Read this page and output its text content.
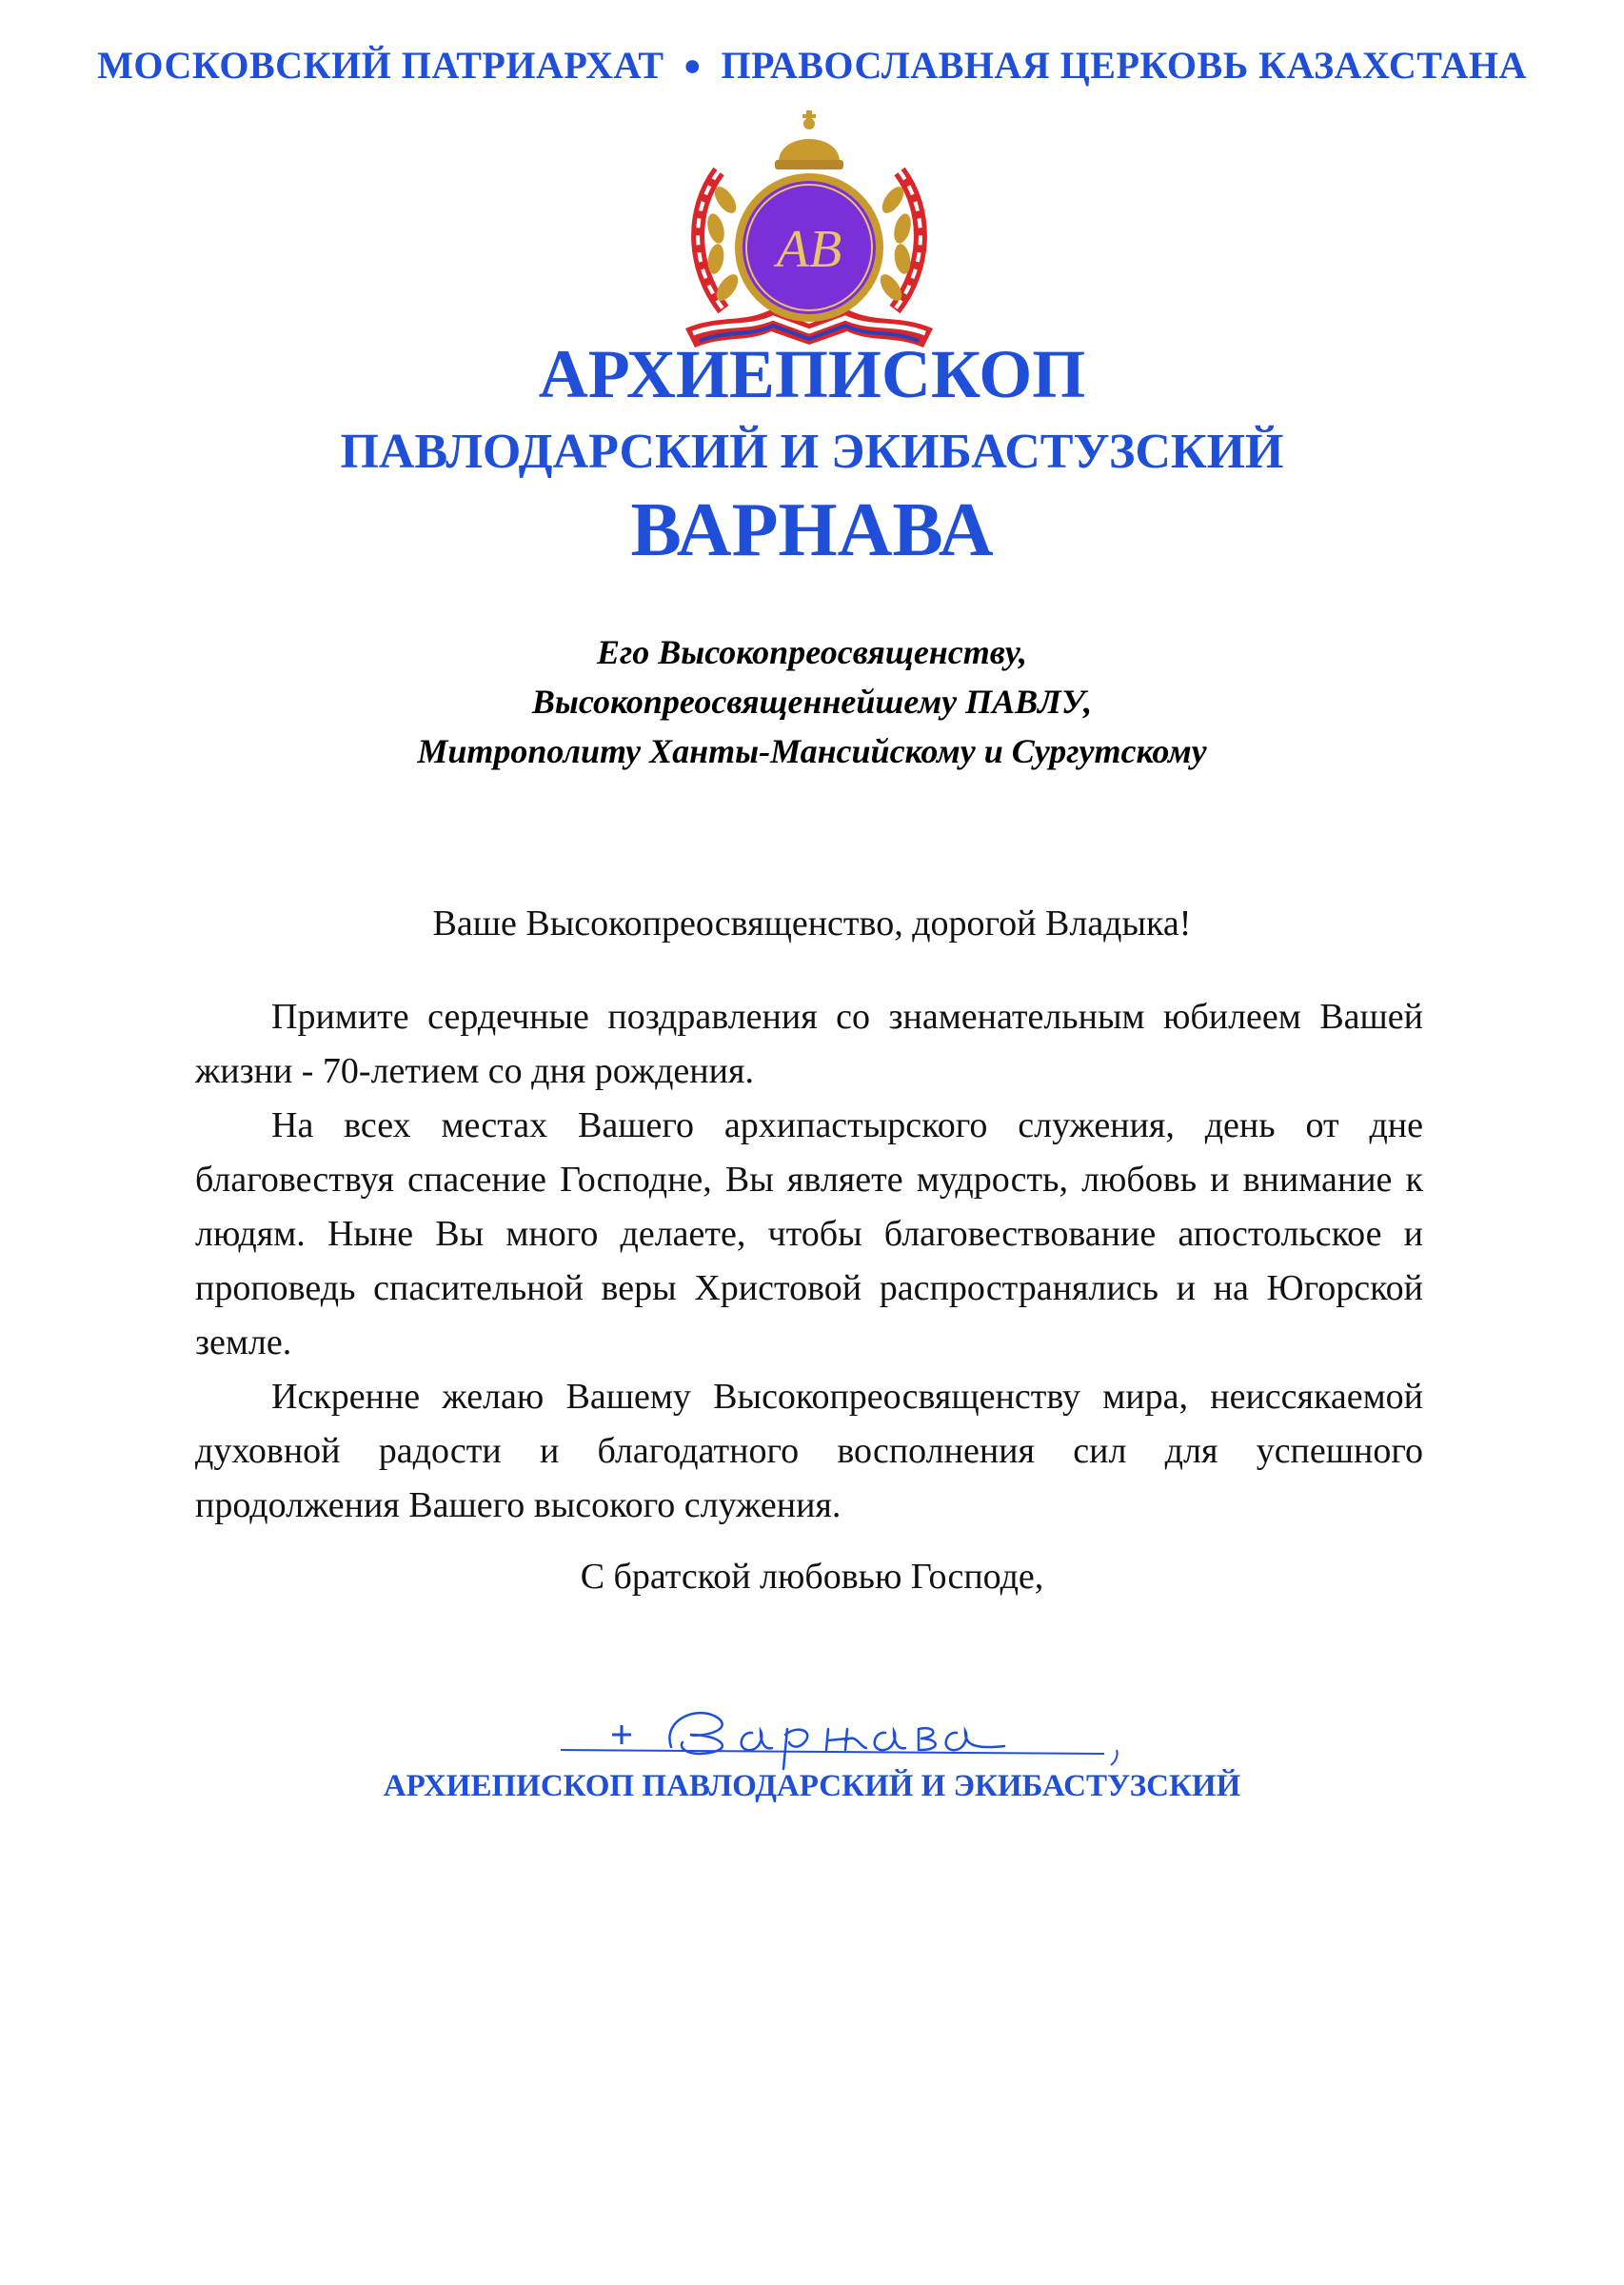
МОСКОВСКИЙ ПАТРИАРХАТ ● ПРАВОСЛАВНАЯ ЦЕРКОВЬ КАЗАХСТАНА
АВ
АРХИЕПИСКОП
ПАВЛОДАРСКИЙ И ЭКИБАСТУЗСКИЙ
ВАРНАВА
Его Высокопреосвященству,
Высокопреосвященнейшему ПАВЛУ,
Митрополиту Ханты-Мансийскому и Сургутскому
Ваше Высокопреосвященство, дорогой Владыка!

Примите сердечные поздравления со знаменательным юбилеем Вашей жизни - 70-летием со дня рождения.

На всех местах Вашего архипастырского служения, день от дне благовествуя спасение Господне, Вы являете мудрость, любовь и внимание к людям. Ныне Вы много делаете, чтобы благовествование апостольское и проповедь спасительной веры Христовой распространялись и на Югорской земле.

Искренне желаю Вашему Высокопреосвященству мира, неиссякаемой духовной радости и благодатного восполнения сил для успешного продолжения Вашего высокого служения.

С братской любовью Господе,
АРХИЕПИСКОП ПАВЛОДАРСКИЙ И ЭКИБАСТУЗСКИЙ
